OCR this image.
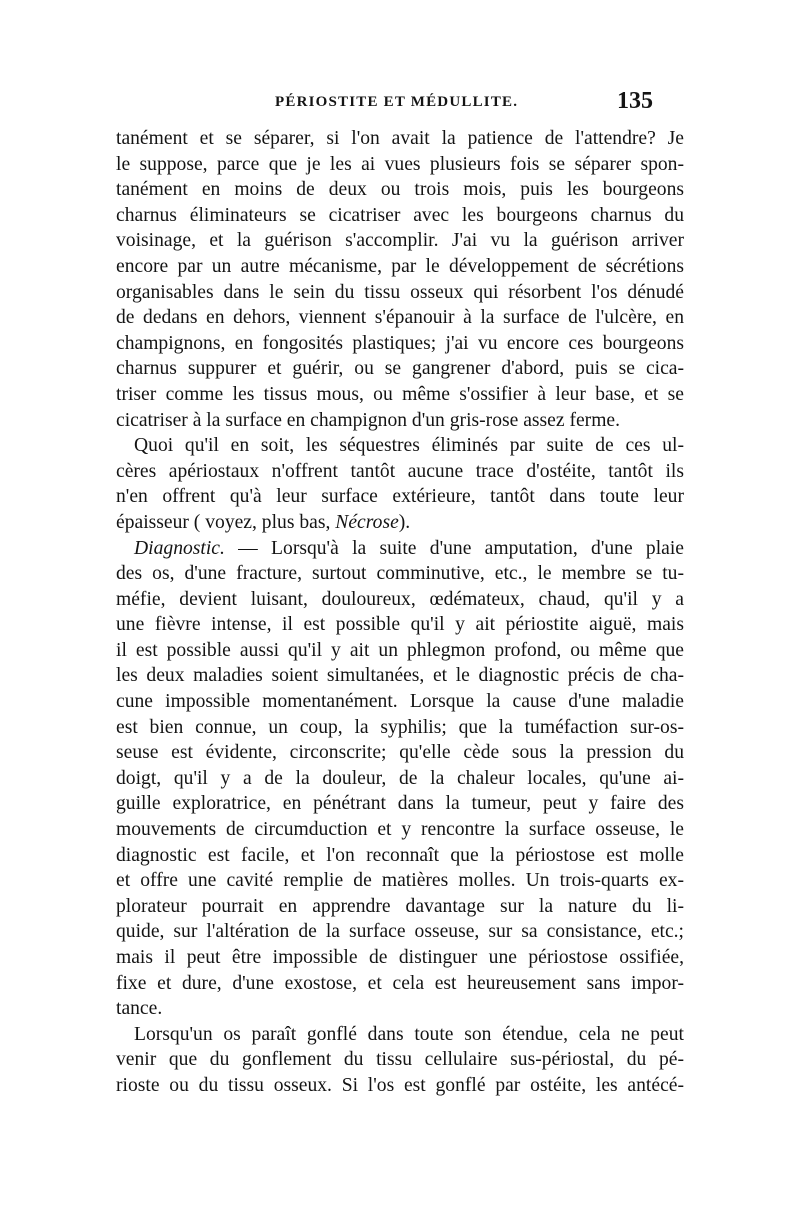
PÉRIOSTITE ET MÉDULLITE.	135
tanément et se séparer, si l'on avait la patience de l'attendre? Je
le suppose, parce que je les ai vues plusieurs fois se séparer spon-
tanément en moins de deux ou trois mois, puis les bourgeons
charnus éliminateurs se cicatriser avec les bourgeons charnus du
voisinage, et la guérison s'accomplir. J'ai vu la guérison arriver
encore par un autre mécanisme, par le développement de sécrétions
organisables dans le sein du tissu osseux qui résorbent l'os dénudé
de dedans en dehors, viennent s'épanouir à la surface de l'ulcère, en
champignons, en fongosités plastiques; j'ai vu encore ces bourgeons
charnus suppurer et guérir, ou se gangrener d'abord, puis se cica-
triser comme les tissus mous, ou même s'ossifier à leur base, et se
cicatriser à la surface en champignon d'un gris-rose assez ferme.
Quoi qu'il en soit, les séquestres éliminés par suite de ces ul-
cères apériostaux n'offrent tantôt aucune trace d'ostéite, tantôt ils
n'en offrent qu'à leur surface extérieure, tantôt dans toute leur
épaisseur ( voyez, plus bas, Nécrose).
Diagnostic. — Lorsqu'à la suite d'une amputation, d'une plaie
des os, d'une fracture, surtout comminutive, etc., le membre se tu-
méfie, devient luisant, douloureux, œdémateux, chaud, qu'il y a
une fièvre intense, il est possible qu'il y ait périostite aiguë, mais
il est possible aussi qu'il y ait un phlegmon profond, ou même que
les deux maladies soient simultanées, et le diagnostic précis de cha-
cune impossible momentanément. Lorsque la cause d'une maladie
est bien connue, un coup, la syphilis; que la tuméfaction sur-os-
seuse est évidente, circonscrite; qu'elle cède sous la pression du
doigt, qu'il y a de la douleur, de la chaleur locales, qu'une ai-
guille exploratrice, en pénétrant dans la tumeur, peut y faire des
mouvements de circumduction et y rencontre la surface osseuse, le
diagnostic est facile, et l'on reconnaît que la périostose est molle
et offre une cavité remplie de matières molles. Un trois-quarts ex-
plorateur pourrait en apprendre davantage sur la nature du li-
quide, sur l'altération de la surface osseuse, sur sa consistance, etc.;
mais il peut être impossible de distinguer une périostose ossifiée,
fixe et dure, d'une exostose, et cela est heureusement sans impor-
tance.
Lorsqu'un os paraît gonflé dans toute son étendue, cela ne peut
venir que du gonflement du tissu cellulaire sus-périostal, du pé-
rioste ou du tissu osseux. Si l'os est gonflé par ostéite, les antécé-
